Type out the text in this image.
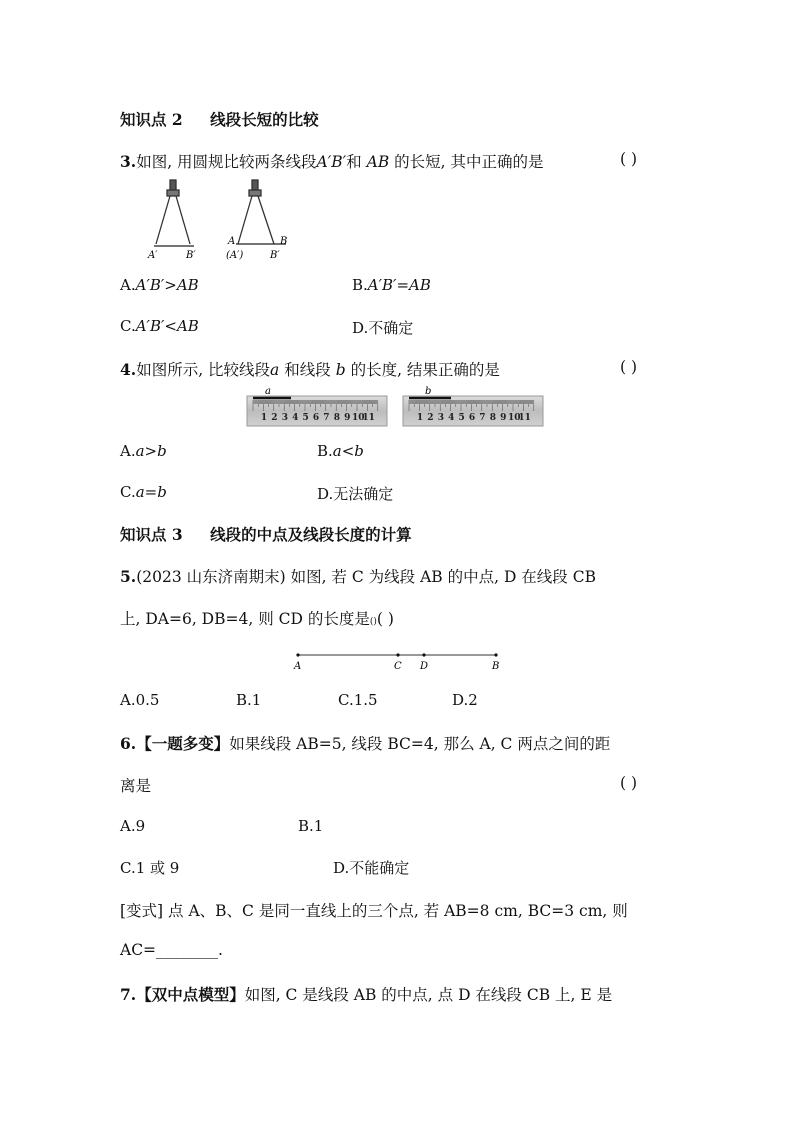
知识点 2 线段长短的比较
3.如图, 用圆规比较两条线段A′B′和 AB 的长短, 其中正确的是	( )
A′	B′
A
(A′)
B
B′
A.A′B′>AB	B.A′B′=AB
C.A′B′<AB	D.不确定
4.如图所示, 比较线段a 和线段 b 的长度, 结果正确的是	( )
a
1 2 3 4 5 6 7 8 9 10
11
b
1 2 3 4 5 6 7 8 9 10
11
A.a>b	B.a<b
C.a=b	D.无法确定
知识点 3 线段的中点及线段长度的计算
5.(2023 山东济南期末) 如图, 若 C 为线段 AB 的中点, D 在线段 CB
上, DA=6, DB=4, 则 CD 的长度是()( )
A	C D	B
A.0.5	B.1	C.1.5	D.2
6.【一题多变】如果线段 AB=5, 线段 BC=4, 那么 A, C 两点之间的距
离是	( )
A.9	B.1
C.1 或 9	D.不能确定
[变式] 点 A、B、C 是同一直线上的三个点, 若 AB=8 cm, BC=3 cm, 则
AC=________.
7.【双中点模型】如图, C 是线段 AB 的中点, 点 D 在线段 CB 上, E 是
